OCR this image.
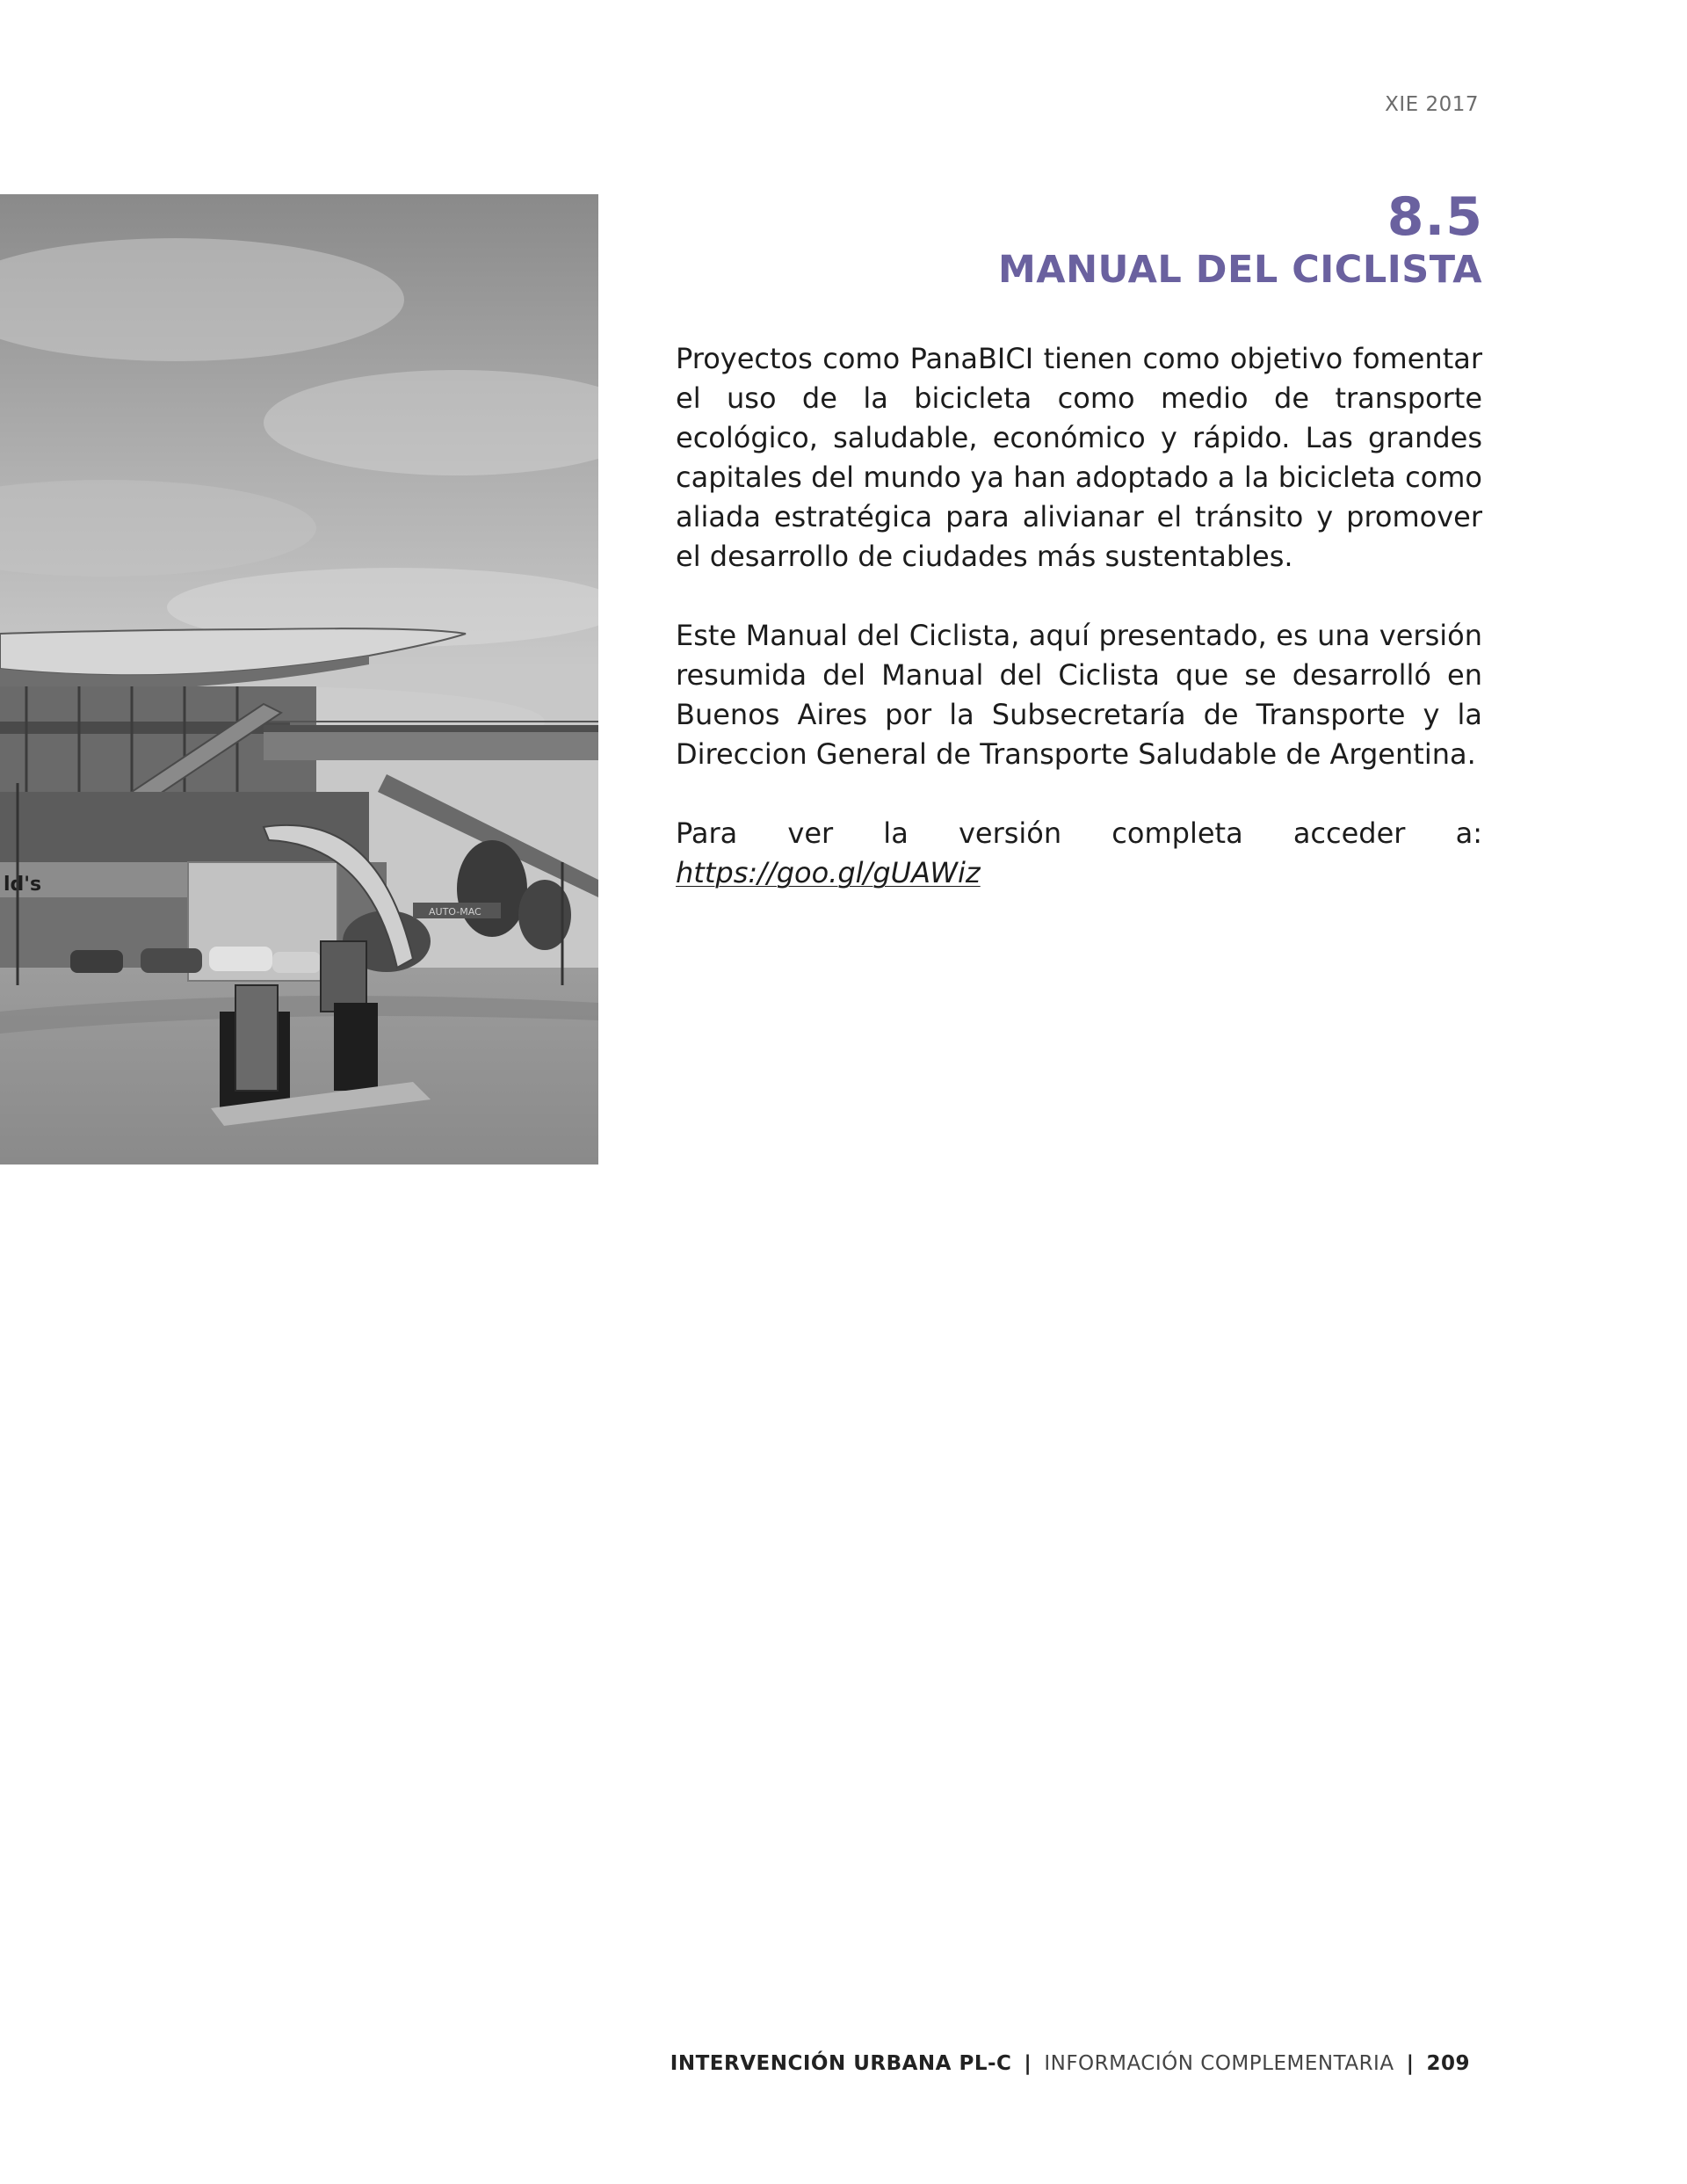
XIE 2017
ld's
AUTO-MAC
8.5
MANUAL DEL CICLISTA

Proyectos como PanaBICI tienen como objetivo fomentar el uso de la bicicleta como medio de transporte ecológico, saludable, económico y rápido. Las grandes capitales del mundo ya han adoptado a la bicicleta como aliada estratégica para alivianar el tránsito y promover el desarrollo de ciudades más sustentables.

Este Manual del Ciclista, aquí presentado, es una versión resumida del Manual del Ciclista que se desarrolló en Buenos Aires por la Subsecretaría de Transporte y la Direccion General de Transporte Saludable de Argentina.

Para ver la versión completa acceder a: https://goo.gl/gUAWiz

INTERVENCIÓN URBANA PL-C | INFORMACIÓN COMPLEMENTARIA | 209
